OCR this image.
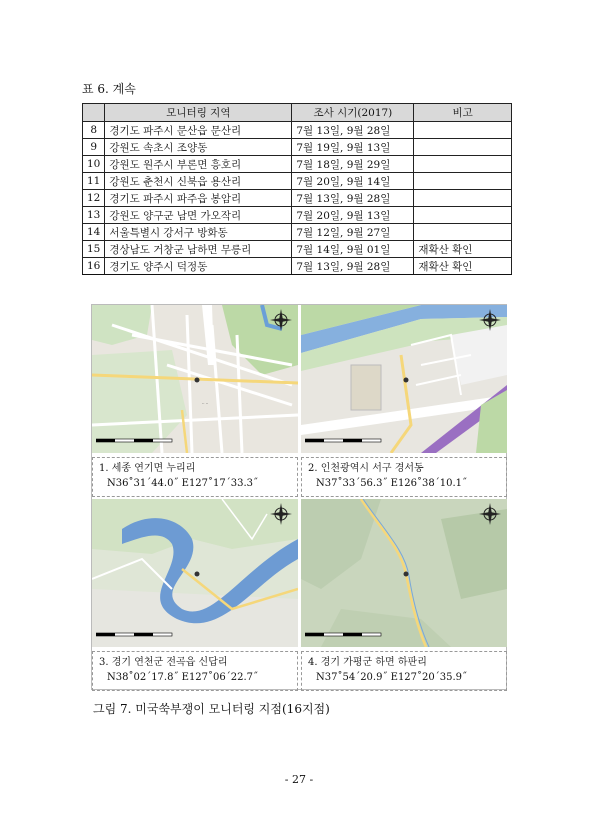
표 6. 계속
	모니터링 지역	조사 시기(2017)	비고
8	경기도 파주시 문산읍 문산리	7월 13일, 9월 28일	
9	강원도 속초시 조양동	7월 19일, 9월 13일	
10	강원도 원주시 부론면 흥호리	7월 18일, 9월 29일	
11	강원도 춘천시 신북읍 용산리	7월 20일, 9월 14일	
12	경기도 파주시 파주읍 봉암리	7월 13일, 9월 28일	
13	강원도 양구군 남면 가오작리	7월 20일, 9월 13일	
14	서울특별시 강서구 방화동	7월 12일, 9월 27일	
15	경상남도 거창군 남하면 무릉리	7월 14일, 9월 01일	재확산 확인
16	경기도 양주시 덕정동	7월 13일, 9월 28일	재확산 확인
·· ··
1. 세종 연기면 누리리
N36˚31´44.0˝ E127˚17´33.3˝
2. 인천광역시 서구 경서동
N37˚33´56.3˝ E126˚38´10.1˝
3. 경기 연천군 전곡읍 신답리
N38˚02´17.8˝ E127˚06´22.7˝
4. 경기 가평군 하면 하판리
N37˚54´20.9˝ E127˚20´35.9˝
그림 7. 미국쑥부쟁이 모니터링 지점(16지점)
- 27 -
